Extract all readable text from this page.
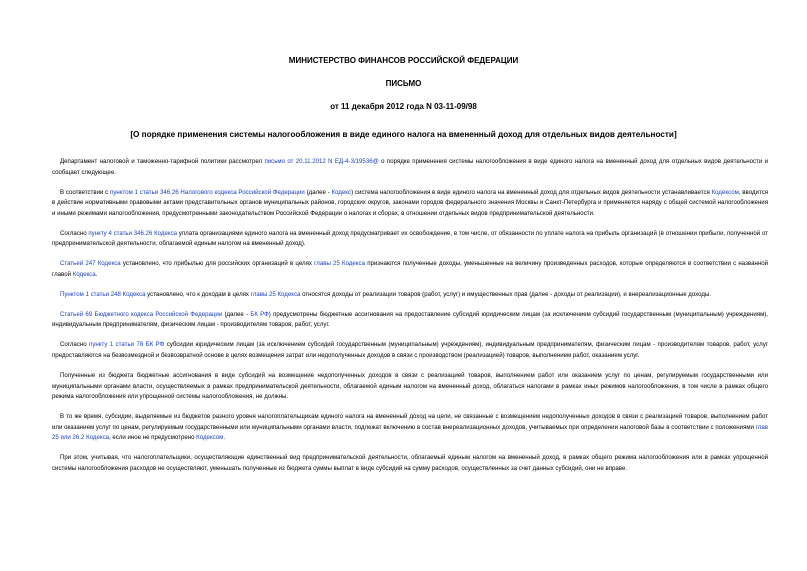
МИНИСТЕРСТВО ФИНАНСОВ РОССИЙСКОЙ ФЕДЕРАЦИИ
ПИСЬМО
от 11 декабря 2012 года N 03-11-09/98
[О порядке применения системы налогообложения в виде единого налога на вмененный доход для отдельных видов деятельности]

Департамент налоговой и таможенно-тарифной политики рассмотрел письмо от 20.11.2012 N ЕД-4-3/19536@ о порядке применения системы налогообложения в виде единого налога на вмененный доход для отдельных видов деятельности и сообщает следующее.

В соответствии с пунктом 1 статьи 346.26 Налогового кодекса Российской Федерации (далее - Кодекс) система налогообложения в виде единого налога на вмененный доход для отдельных видов деятельности устанавливается Кодексом, вводится в действие нормативными правовыми актами представительных органов муниципальных районов, городских округов, законами городов федерального значения Москвы и Санкт-Петербурга и применяется наряду с общей системой налогообложения и иными режимами налогообложения, предусмотренными законодательством Российской Федерации о налогах и сборах, в отношении отдельных видов предпринимательской деятельности.

Согласно пункту 4 статьи 346.26 Кодекса уплата организациями единого налога на вмененный доход предусматривает их освобождение, в том числе, от обязанности по уплате налога на прибыль организаций (в отношении прибыли, полученной от предпринимательской деятельности, облагаемой единым налогом на вмененный доход).

Статьей 247 Кодекса установлено, что прибылью для российских организаций в целях главы 25 Кодекса признаются полученные доходы, уменьшенные на величину произведенных расходов, которые определяются в соответствии с названной главой Кодекса.

Пунктом 1 статьи 248 Кодекса установлено, что к доходам в целях главы 25 Кодекса относятся доходы от реализации товаров (работ, услуг) и имущественных прав (далее - доходы от реализации), и внереализационные доходы.

Статьей 69 Бюджетного кодекса Российской Федерации (далее - БК РФ) предусмотрены бюджетные ассигнования на предоставление субсидий юридическим лицам (за исключением субсидий государственным (муниципальным) учреждениям), индивидуальным предпринимателям, физическим лицам - производителям товаров, работ, услуг.

Согласно пункту 1 статьи 78 БК РФ субсидии юридическим лицам (за исключением субсидий государственным (муниципальным) учреждениям), индивидуальным предпринимателям, физическим лицам - производителям товаров, работ, услуг предоставляются на безвозмездной и безвозвратной основе в целях возмещения затрат или недополученных доходов в связи с производством (реализацией) товаров, выполнением работ, оказанием услуг.

Полученные из бюджета бюджетные ассигнования в виде субсидий на возмещение недополученных доходов в связи с реализацией товаров, выполнением работ или оказанием услуг по ценам, регулируемым государственными или муниципальными органами власти, осуществляемых в рамках предпринимательской деятельности, облагаемой единым налогом на вмененный доход, облагаться налогами в рамках иных режимов налогообложения, в том числе в рамках общего режима налогообложения или упрощенной системы налогообложения, не должны.

В то же время, субсидии, выделяемые из бюджетов разного уровня налогоплательщикам единого налога на вмененный доход на цели, не связанные с возмещением недополученных доходов в связи с реализацией товаров, выполнением работ или оказанием услуг по ценам, регулируемым государственными или муниципальными органами власти, подлежат включению в состав внереализационных доходов, учитываемых при определении налоговой базы в соответствии с положениями глав 25 или 26.2 Кодекса, если иное не предусмотрено Кодексом.

При этом, учитывая, что налогоплательщики, осуществляющие единственный вид предпринимательской деятельности, облагаемый единым налогом на вмененный доход, в рамках общего режима налогообложения или в рамках упрощенной системы налогообложения расходов не осуществляют, уменьшать полученные из бюджета суммы выплат в виде субсидий на сумму расходов, осуществленных за счет данных субсидий, они не вправе.
